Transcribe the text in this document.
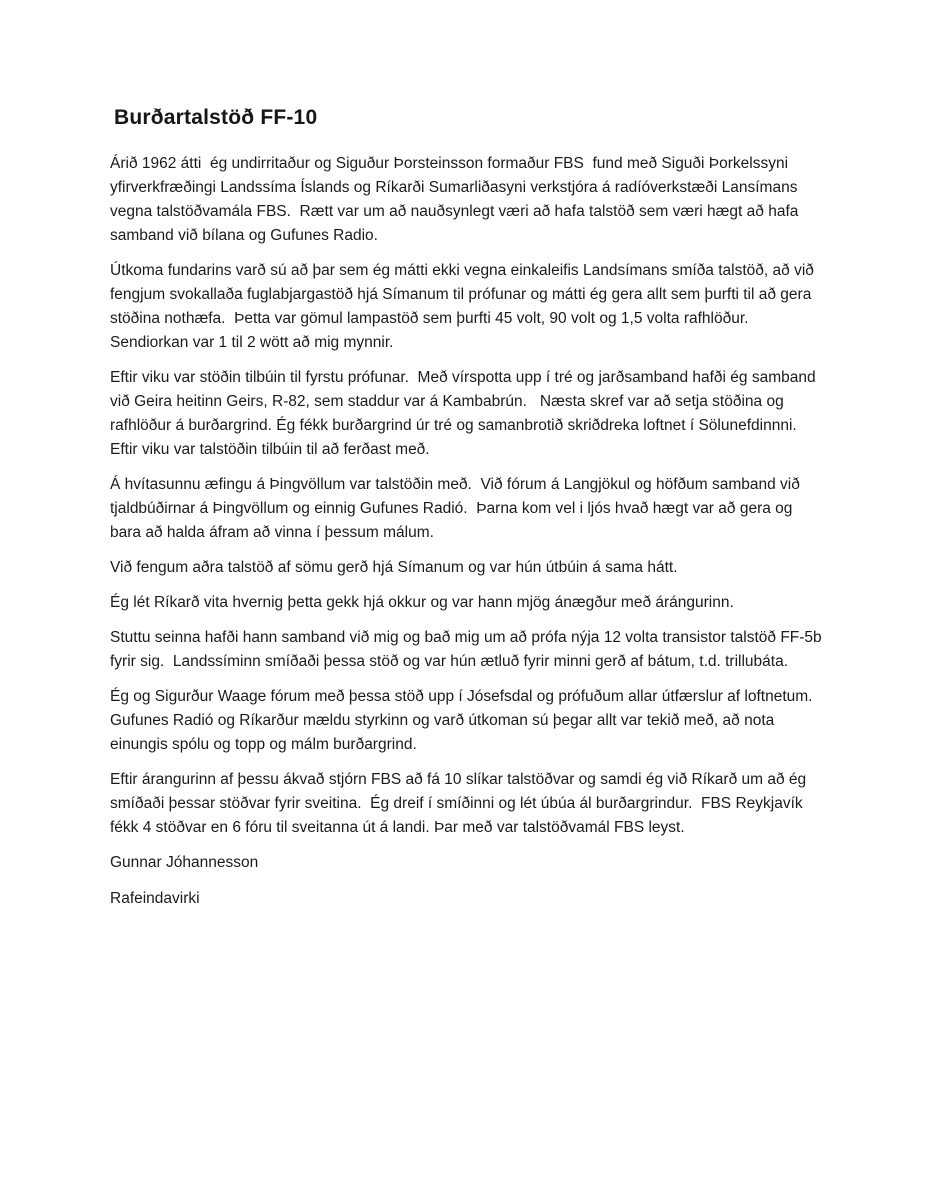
Burðartalstöð FF-10

Árið 1962 átti  ég undirritaður og Siguður Þorsteinsson formaður FBS  fund með Siguði Þorkelssyni yfirverkfræðingi Landssíma Íslands og Ríkarði Sumarliðasyni verkstjóra á radíóverkstæði Lansímans vegna talstöðvamála FBS.  Rætt var um að nauðsynlegt væri að hafa talstöð sem væri hægt að hafa samband við bílana og Gufunes Radio.

Útkoma fundarins varð sú að þar sem ég mátti ekki vegna einkaleifis Landsímans smíða talstöð, að við fengjum svokallaða fuglabjargastöð hjá Símanum til prófunar og mátti ég gera allt sem þurfti til að gera stöðina nothæfa.  Þetta var gömul lampastöð sem þurfti 45 volt, 90 volt og 1,5 volta rafhlöður.  Sendiorkan var 1 til 2 wött að mig mynnir.

Eftir viku var stöðin tilbúin til fyrstu prófunar.  Með vírspotta upp í tré og jarðsamband hafði ég samband við Geira heitinn Geirs, R-82, sem staddur var á Kambabrún.   Næsta skref var að setja stöðina og rafhlöður á burðargrind. Ég fékk burðargrind úr tré og samanbrotið skriðdreka loftnet í Sölunefdinnni.   Eftir viku var talstöðin tilbúin til að ferðast með.

Á hvítasunnu æfingu á Þingvöllum var talstöðin með.  Við fórum á Langjökul og höfðum samband við tjaldbúðirnar á Þingvöllum og einnig Gufunes Radió.  Þarna kom vel i ljós hvað hægt var að gera og bara að halda áfram að vinna í þessum málum.

Við fengum aðra talstöð af sömu gerð hjá Símanum og var hún útbúin á sama hátt.

Ég lét Ríkarð vita hvernig þetta gekk hjá okkur og var hann mjög ánægður með árángurinn.

Stuttu seinna hafði hann samband við mig og bað mig um að prófa nýja 12 volta transistor talstöð FF-5b fyrir sig.  Landssíminn smíðaði þessa stöð og var hún ætluð fyrir minni gerð af bátum, t.d. trillubáta.

Ég og Sigurður Waage fórum með þessa stöð upp í Jósefsdal og prófuðum allar útfærslur af loftnetum.  Gufunes Radió og Ríkarður mældu styrkinn og varð útkoman sú þegar allt var tekið með, að nota einungis spólu og topp og málm burðargrind.

Eftir árangurinn af þessu ákvað stjórn FBS að fá 10 slíkar talstöðvar og samdi ég við Ríkarð um að ég smíðaði þessar stöðvar fyrir sveitina.  Ég dreif í smíðinni og lét úbúa ál burðargrindur.  FBS Reykjavík fékk 4 stöðvar en 6 fóru til sveitanna út á landi. Þar með var talstöðvamál FBS leyst.

Gunnar Jóhannesson

Rafeindavirki
